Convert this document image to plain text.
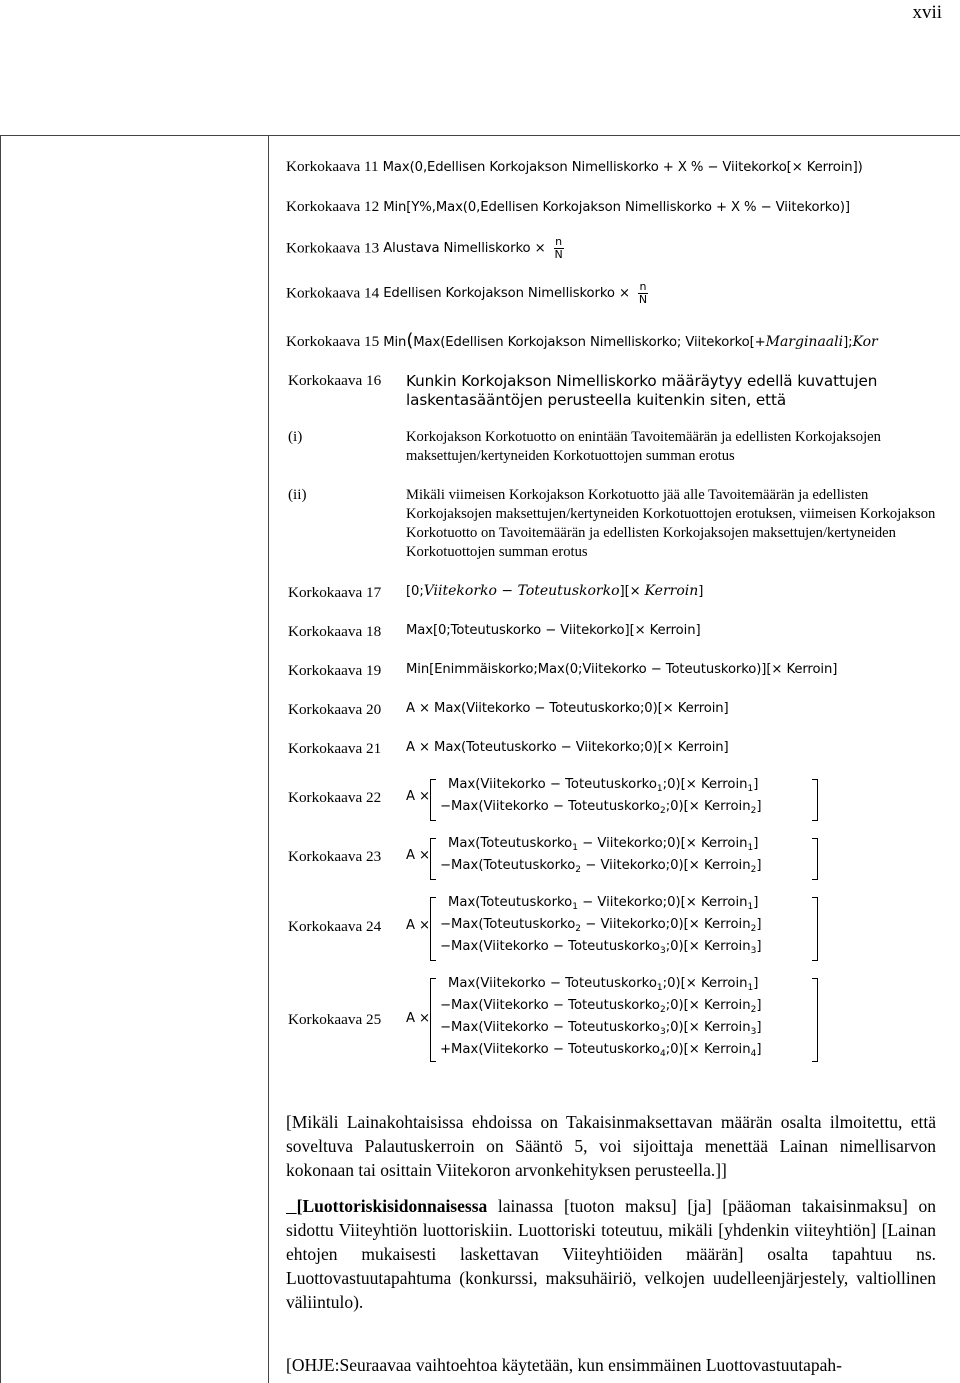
xvii
Korkokaava 11 Max(0,Edellisen Korkojakson Nimelliskorko + X % − Viitekorko[× Kerroin])
Korkokaava 12 Min[Y%,Max(0,Edellisen Korkojakson Nimelliskorko + X % − Viitekorko)]
Korkokaava 13 Alustava Nimelliskorko × $\frac{n}{N}$
Korkokaava 14 Edellisen Korkojakson Nimelliskorko × $\frac{n}{N}$
Korkokaava 15 Min(Max(Edellisen Korkojakson Nimelliskorko; Viitekorko[+Marginaali];Kor
Korkokaava 16 Kunkin Korkojakson Nimelliskorko määräytyy edellä kuvattujen laskentasääntöjen perusteella kuitenkin siten, että
(i)	Korkojakson Korkotuotto on enintään Tavoitemäärän ja edellisten Korkojaksojen maksettujen/kertyneiden Korkotuottojen summan erotus
(ii)	Mikäli viimeisen Korkojakson Korkotuotto jää alle Tavoitemäärän ja edellisten Korkojaksojen maksettujen/kertyneiden Korkotuottojen erotuksen, viimeisen Korkojakson Korkotuotto on Tavoitemäärän ja edellisten Korkojaksojen maksettujen/kertyneiden Korkotuottojen summan erotus
Korkokaava 17 [0;Viitekorko − Toteutuskorko][× Kerroin]
Korkokaava 18 Max[0;Toteutuskorko − Viitekorko][× Kerroin]
Korkokaava 19 Min[Enimmäiskorko;Max(0;Viitekorko − Toteutuskorko)][× Kerroin]
Korkokaava 20 A × Max(Viitekorko − Toteutuskorko;0)[× Kerroin]
Korkokaava 21 A × Max(Toteutuskorko − Viitekorko;0)[× Kerroin]
Korkokaava 22 A ×
Max(Viitekorko − Toteutuskorko$_1$;0)[× Kerroin$_1$]
−Max(Viitekorko − Toteutuskorko$_2$;0)[× Kerroin$_2$]
Korkokaava 23 A ×
Max(Toteutuskorko$_1$ − Viitekorko;0)[× Kerroin$_1$]
−Max(Toteutuskorko$_2$ − Viitekorko;0)[× Kerroin$_2$]
Korkokaava 24 A ×
Max(Toteutuskorko$_1$ − Viitekorko;0)[× Kerroin$_1$]
−Max(Toteutuskorko$_2$ − Viitekorko;0)[× Kerroin$_2$]
−Max(Viitekorko − Toteutuskorko$_3$;0)[× Kerroin$_3$]
Korkokaava 25 A ×
Max(Viitekorko − Toteutuskorko$_1$;0)[× Kerroin$_1$]
−Max(Viitekorko − Toteutuskorko$_2$;0)[× Kerroin$_2$]
−Max(Viitekorko − Toteutuskorko$_3$;0)[× Kerroin$_3$]
+Max(Viitekorko − Toteutuskorko$_4$;0)[× Kerroin$_4$]
[Mikäli Lainakohtaisissa ehdoissa on Takaisinmaksettavan määrän osalta ilmoitettu, että soveltuva Palautuskerroin on Sääntö 5, voi sijoittaja menettää Lainan nimellisarvon kokonaan tai osittain Viitekoron arvonkehityksen perusteella.]]
[Luottoriskisidonnaisessa lainassa [tuoton maksu] [ja] [pääoman takaisinmaksu] on sidottu Viiteyhtiön luottoriskiin. Luottoriski toteutuu, mikäli [yhdenkin viiteyhtiön] [Lainan ehtojen mukaisesti laskettavan Viiteyhtiöiden määrän] osalta tapahtuu ns. Luottovastuutapahtuma (konkurssi, maksuhäiriö, velkojen uudelleenjärjestely, valtiollinen väliintulo).
[OHJE:Seuraavaa vaihtoehtoa käytetään, kun ensimmäinen Luottovastuutapah-
